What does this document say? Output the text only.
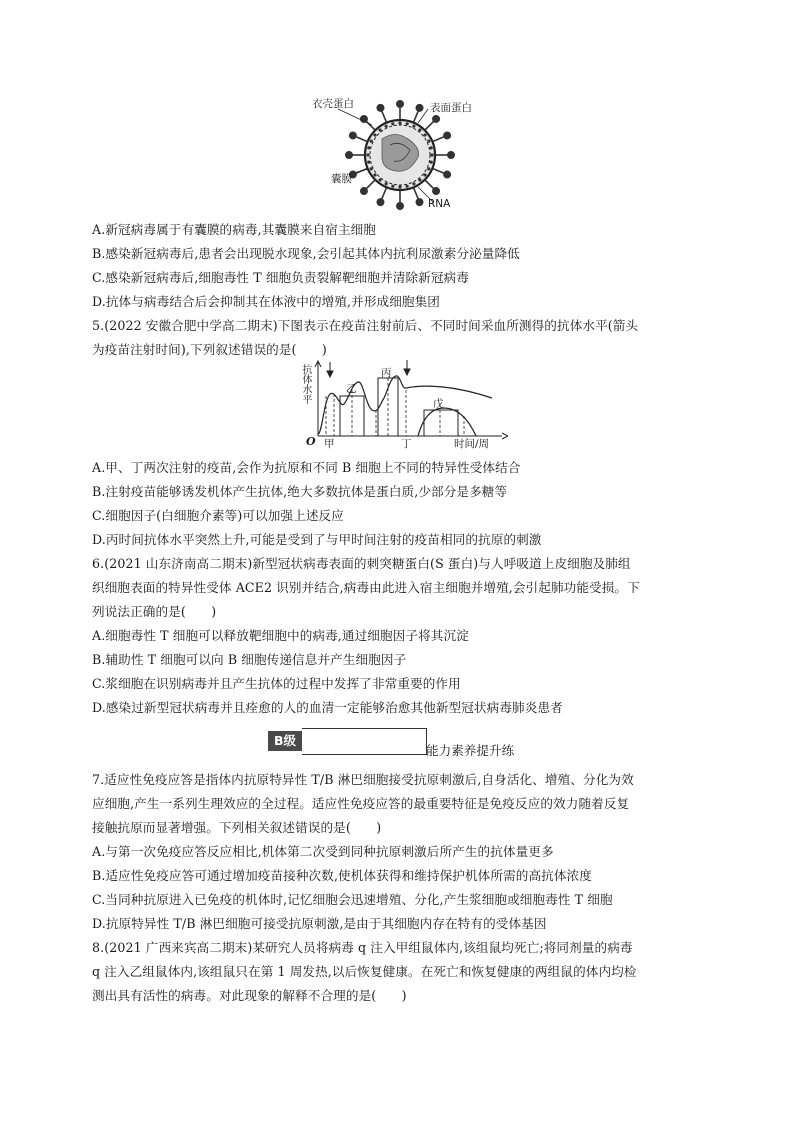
衣壳蛋白	表面蛋白
囊膜
RNA
A.新冠病毒属于有囊膜的病毒,其囊膜来自宿主细胞
B.感染新冠病毒后,患者会出现脱水现象,会引起其体内抗利尿激素分泌量降低
C.感染新冠病毒后,细胞毒性 T 细胞负责裂解靶细胞并清除新冠病毒
D.抗体与病毒结合后会抑制其在体液中的增殖,并形成细胞集团
5.(2022 安徽合肥中学高二期末)下图表示在疫苗注射前后、不同时间采血所测得的抗体水平(箭头
为疫苗注射时间),下列叙述错误的是(　　)
抗体水平
O 甲
乙
丙
丁
戊
时间/周
A.甲、丁两次注射的疫苗,会作为抗原和不同 B 细胞上不同的特异性受体结合
B.注射疫苗能够诱发机体产生抗体,绝大多数抗体是蛋白质,少部分是多糖等
C.细胞因子(白细胞介素等)可以加强上述反应
D.丙时间抗体水平突然上升,可能是受到了与甲时间注射的疫苗相同的抗原的刺激
6.(2021 山东济南高二期末)新型冠状病毒表面的刺突糖蛋白(S 蛋白)与人呼吸道上皮细胞及肺组
织细胞表面的特异性受体 ACE2 识别并结合,病毒由此进入宿主细胞并增殖,会引起肺功能受损。下
列说法正确的是(　　)
A.细胞毒性 T 细胞可以释放靶细胞中的病毒,通过细胞因子将其沉淀
B.辅助性 T 细胞可以向 B 细胞传递信息并产生细胞因子
C.浆细胞在识别病毒并且产生抗体的过程中发挥了非常重要的作用
D.感染过新型冠状病毒并且痊愈的人的血清一定能够治愈其他新型冠状病毒肺炎患者
B级
能力素养提升练
7.适应性免疫应答是指体内抗原特异性 T/B 淋巴细胞接受抗原刺激后,自身活化、增殖、分化为效
应细胞,产生一系列生理效应的全过程。适应性免疫应答的最重要特征是免疫反应的效力随着反复
接触抗原而显著增强。下列相关叙述错误的是(　　)
A.与第一次免疫应答反应相比,机体第二次受到同种抗原刺激后所产生的抗体量更多
B.适应性免疫应答可通过增加疫苗接种次数,使机体获得和维持保护机体所需的高抗体浓度
C.当同种抗原进入已免疫的机体时,记忆细胞会迅速增殖、分化,产生浆细胞或细胞毒性 T 细胞
D.抗原特异性 T/B 淋巴细胞可接受抗原刺激,是由于其细胞内存在特有的受体基因
8.(2021 广西来宾高二期末)某研究人员将病毒 q 注入甲组鼠体内,该组鼠均死亡;将同剂量的病毒
q 注入乙组鼠体内,该组鼠只在第 1 周发热,以后恢复健康。在死亡和恢复健康的两组鼠的体内均检
测出具有活性的病毒。对此现象的解释不合理的是(　　)
